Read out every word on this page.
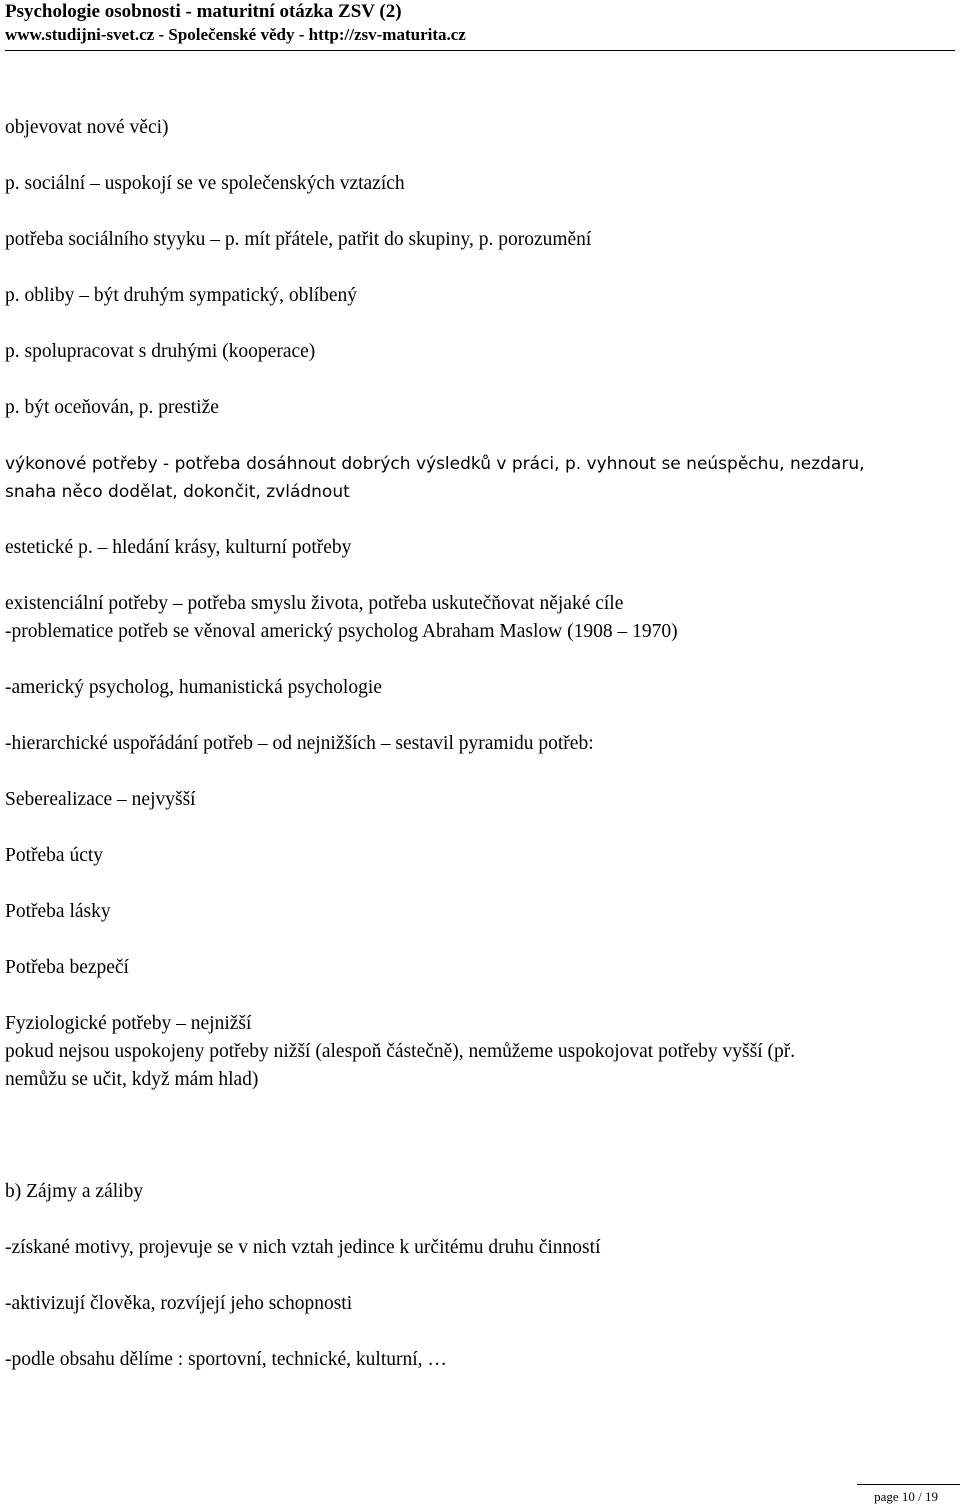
Psychologie osobnosti - maturitní otázka ZSV (2)
www.studijni-svet.cz - Společenské vědy - http://zsv-maturita.cz
objevovat nové věci)
p. sociální – uspokojí se ve společenských vztazích
potřeba sociálního styyku – p. mít přátele, patřit do skupiny, p. porozumění
p. obliby – být druhým sympatický, oblíbený
p. spolupracovat s druhými (kooperace)
p. být oceňován, p. prestiže
výkonové potřeby - potřeba dosáhnout dobrých výsledků v práci, p. vyhnout se neúspěchu, nezdaru,
snaha něco dodělat, dokončit, zvládnout
estetické p. – hledání krásy, kulturní potřeby
existenciální potřeby – potřeba smyslu života, potřeba uskutečňovat nějaké cíle
-problematice potřeb se věnoval americký psycholog Abraham Maslow (1908 – 1970)
-americký psycholog, humanistická psychologie
-hierarchické uspořádání potřeb – od nejnižších – sestavil pyramidu potřeb:
Seberealizace – nejvyšší
Potřeba úcty
Potřeba lásky
Potřeba bezpečí
Fyziologické potřeby – nejnižší
pokud nejsou uspokojeny potřeby nižší (alespoň částečně), nemůžeme uspokojovat potřeby vyšší (př.
nemůžu se učit, když mám hlad)
b) Zájmy a záliby
-získané motivy, projevuje se v nich vztah jedince k určitému druhu činností
-aktivizují člověka, rozvíjejí jeho schopnosti
-podle obsahu dělíme : sportovní, technické, kulturní, …
page 10 / 19
